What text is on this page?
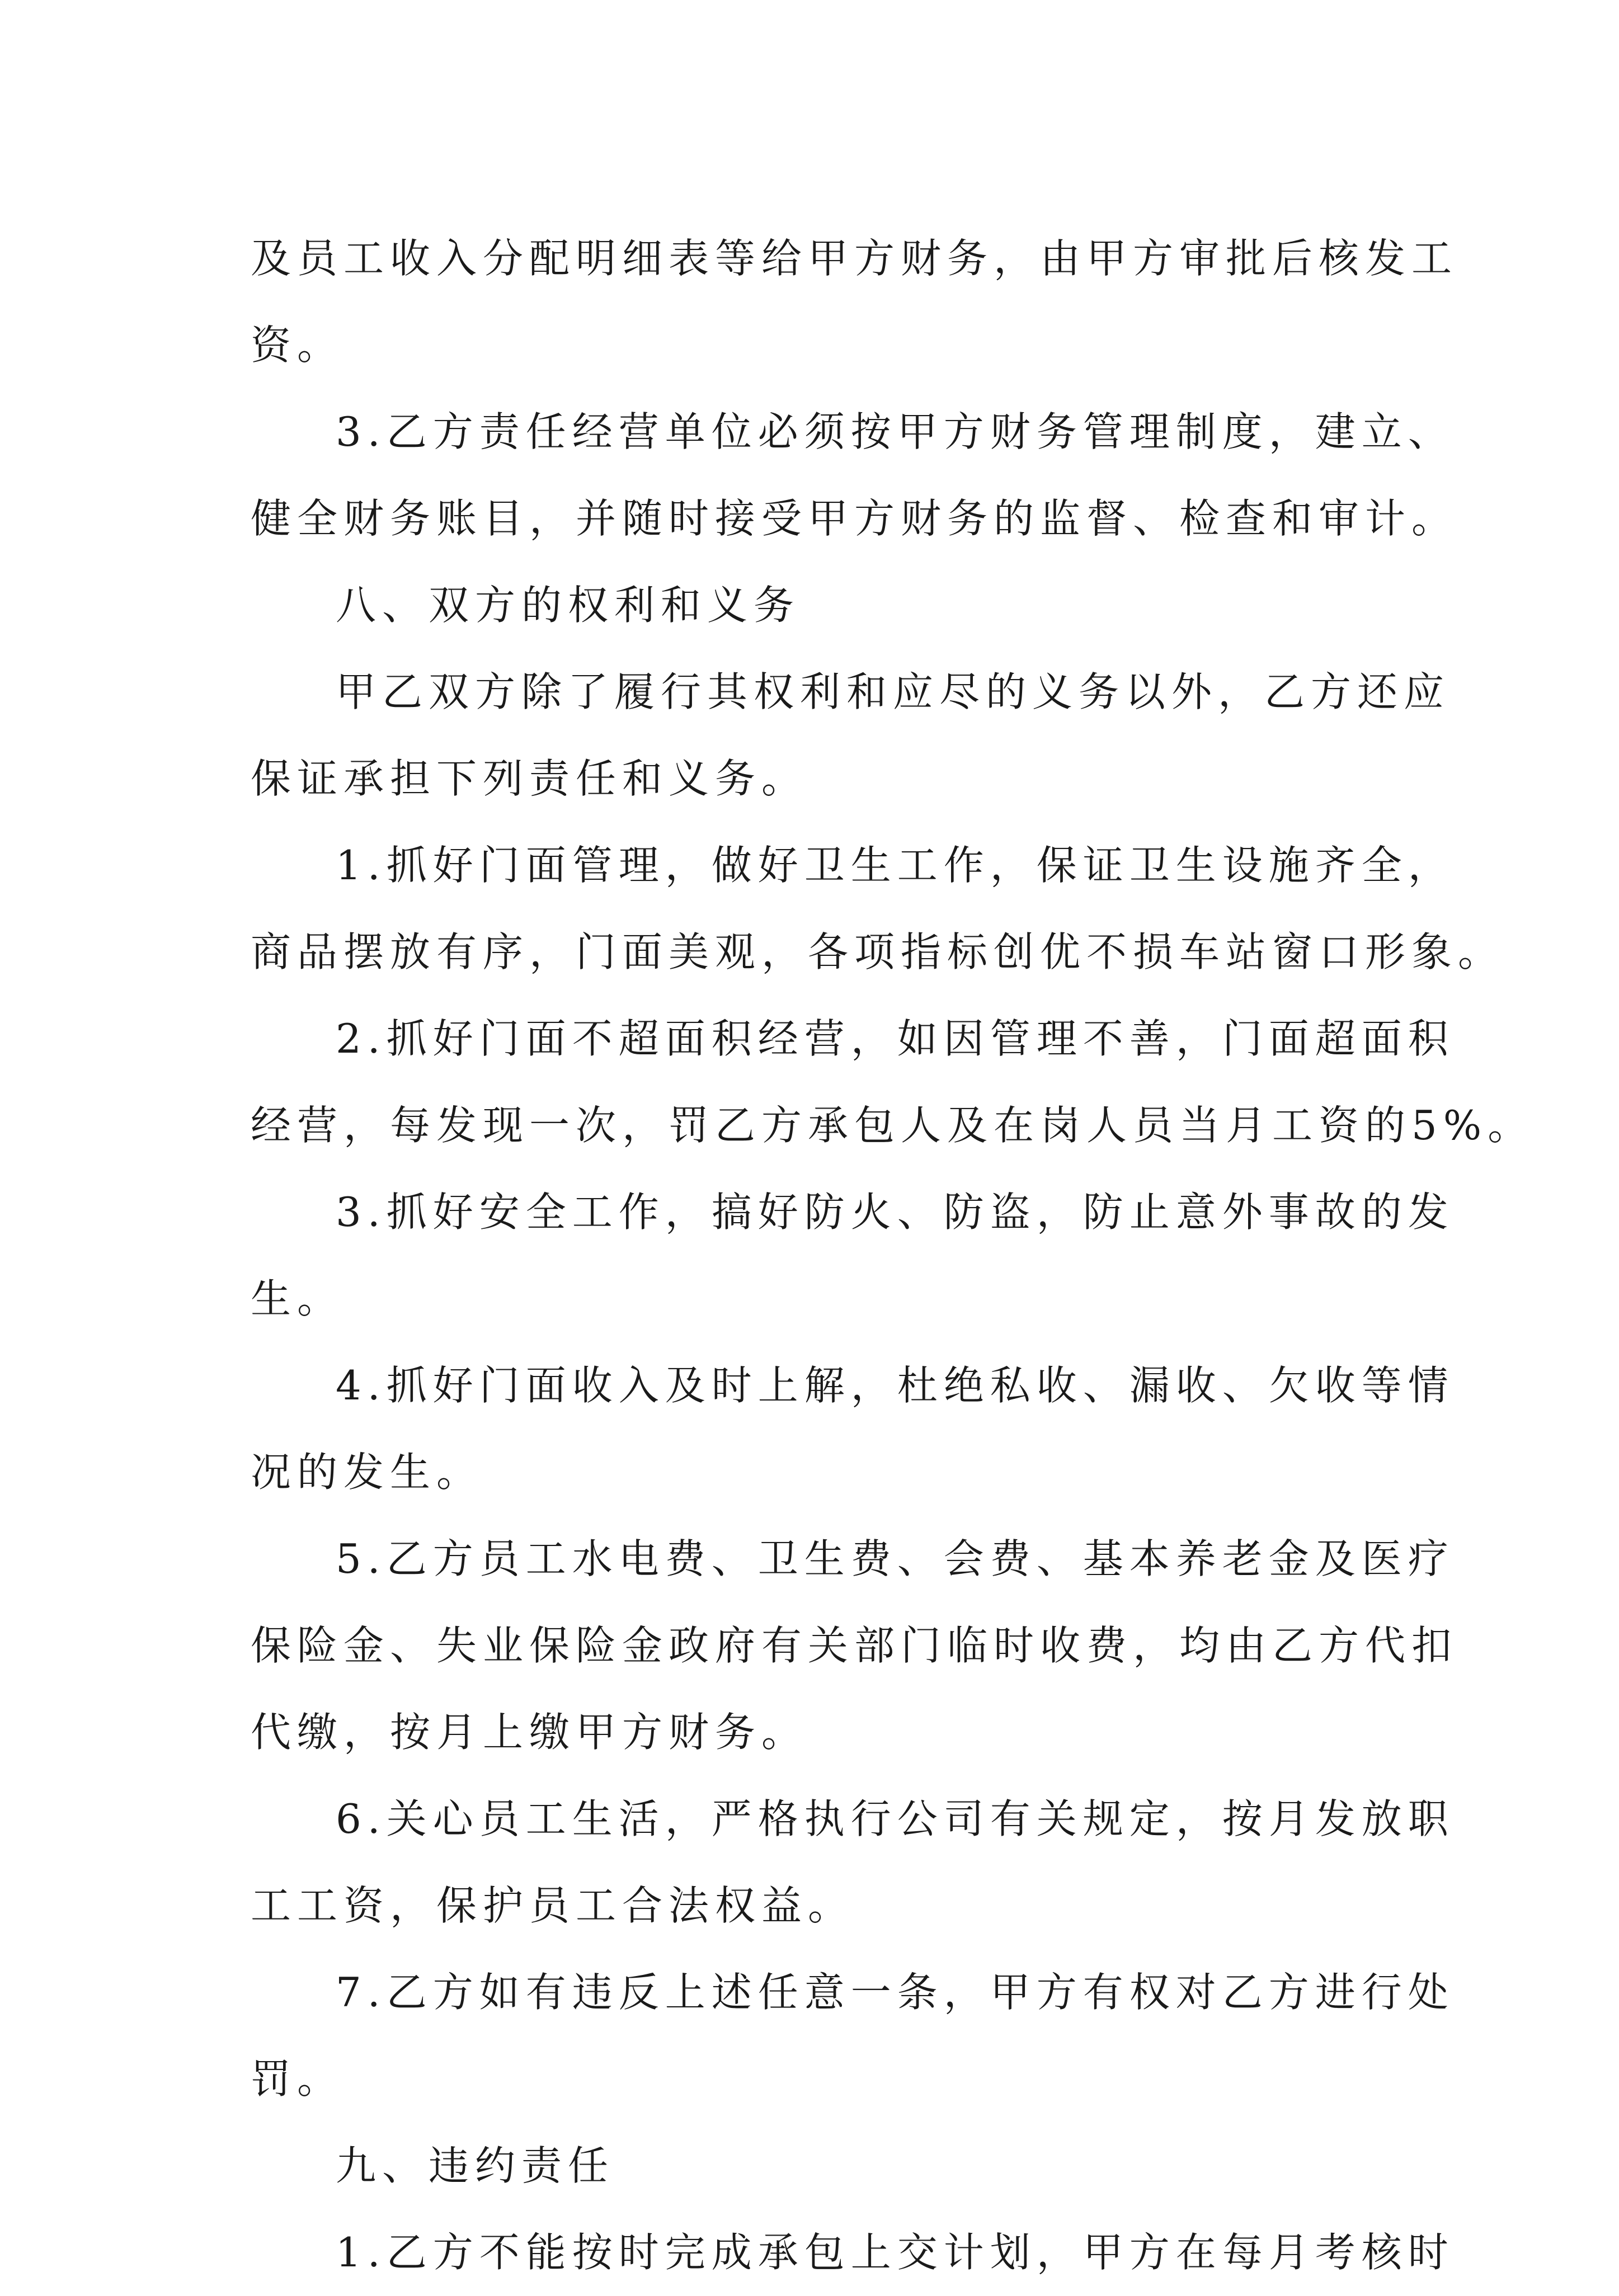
及员工收入分配明细表等给甲方财务，由甲方审批后核发工
资。
3.乙方责任经营单位必须按甲方财务管理制度，建立、
健全财务账目，并随时接受甲方财务的监督、检查和审计。
八、双方的权利和义务
甲乙双方除了履行其权利和应尽的义务以外，乙方还应
保证承担下列责任和义务。
1.抓好门面管理，做好卫生工作，保证卫生设施齐全，
商品摆放有序，门面美观，各项指标创优不损车站窗口形象。
2.抓好门面不超面积经营，如因管理不善，门面超面积
经营，每发现一次，罚乙方承包人及在岗人员当月工资的5%。
3.抓好安全工作，搞好防火、防盗，防止意外事故的发
生。
4.抓好门面收入及时上解，杜绝私收、漏收、欠收等情
况的发生。
5.乙方员工水电费、卫生费、会费、基本养老金及医疗
保险金、失业保险金政府有关部门临时收费，均由乙方代扣
代缴，按月上缴甲方财务。
6.关心员工生活，严格执行公司有关规定，按月发放职
工工资，保护员工合法权益。
7.乙方如有违反上述任意一条，甲方有权对乙方进行处
罚。
九、违约责任
1.乙方不能按时完成承包上交计划，甲方在每月考核时
